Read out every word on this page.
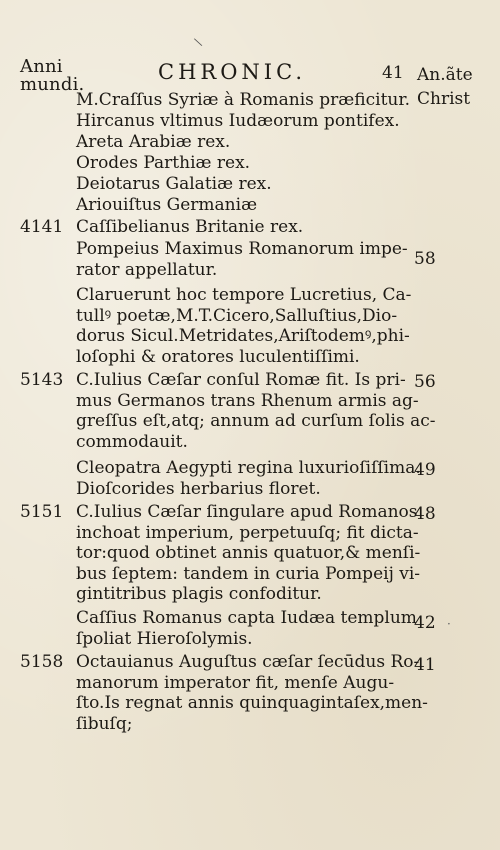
\
Anni
mundi.
CHRONIC.	41 An.ãte
Christ
M.Craſſus Syriæ à Romanis præficitur.
Hircanus vltimus Iudæorum pontifex.
Areta Arabiæ rex.
Orodes Parthiæ rex.
Deiotarus Galatiæ rex.
Ariouiſtus Germaniæ
4141 Caſſibelianus Britanie rex.
Pompeius Maximus Romanorum impe-
rator appellatur.
58
Claruerunt hoc tempore Lucretius, Ca-
tullꝰ poetæ,M.T.Cicero,Salluſtius,Dio-
dorus Sicul.Metridates,Ariſtodemꝰ,phi-
loſophi & oratores luculentiſſimi.
5143 C.Iulius Cæſar conſul Romæ fit. Is pri-
mus Germanos trans Rhenum armis ag-
greſſus eſt,atq; annum ad curſum ſolis ac-
commodauit.
56
Cleopatra Aegypti regina luxurioſiſſima.
Dioſcorides herbarius floret.
49
5151 C.Iulius Cæſar ſingulare apud Romanos
inchoat imperium, perpetuuſq; fit dicta-
tor:quod obtinet annis quatuor,& menſi-
bus ſeptem: tandem in curia Pompeij vi-
gintitribus plagis confoditur.
48
Caſſius Romanus capta Iudæa templum
ſpoliat Hieroſolymis.
42 ·
5158 Octauianus Auguſtus cæſar ſecūdus Ro-
manorum imperator fit, menſe Augu-
ſto.Is regnat annis quinquagintaſex,men-
ſibuſq;
41
